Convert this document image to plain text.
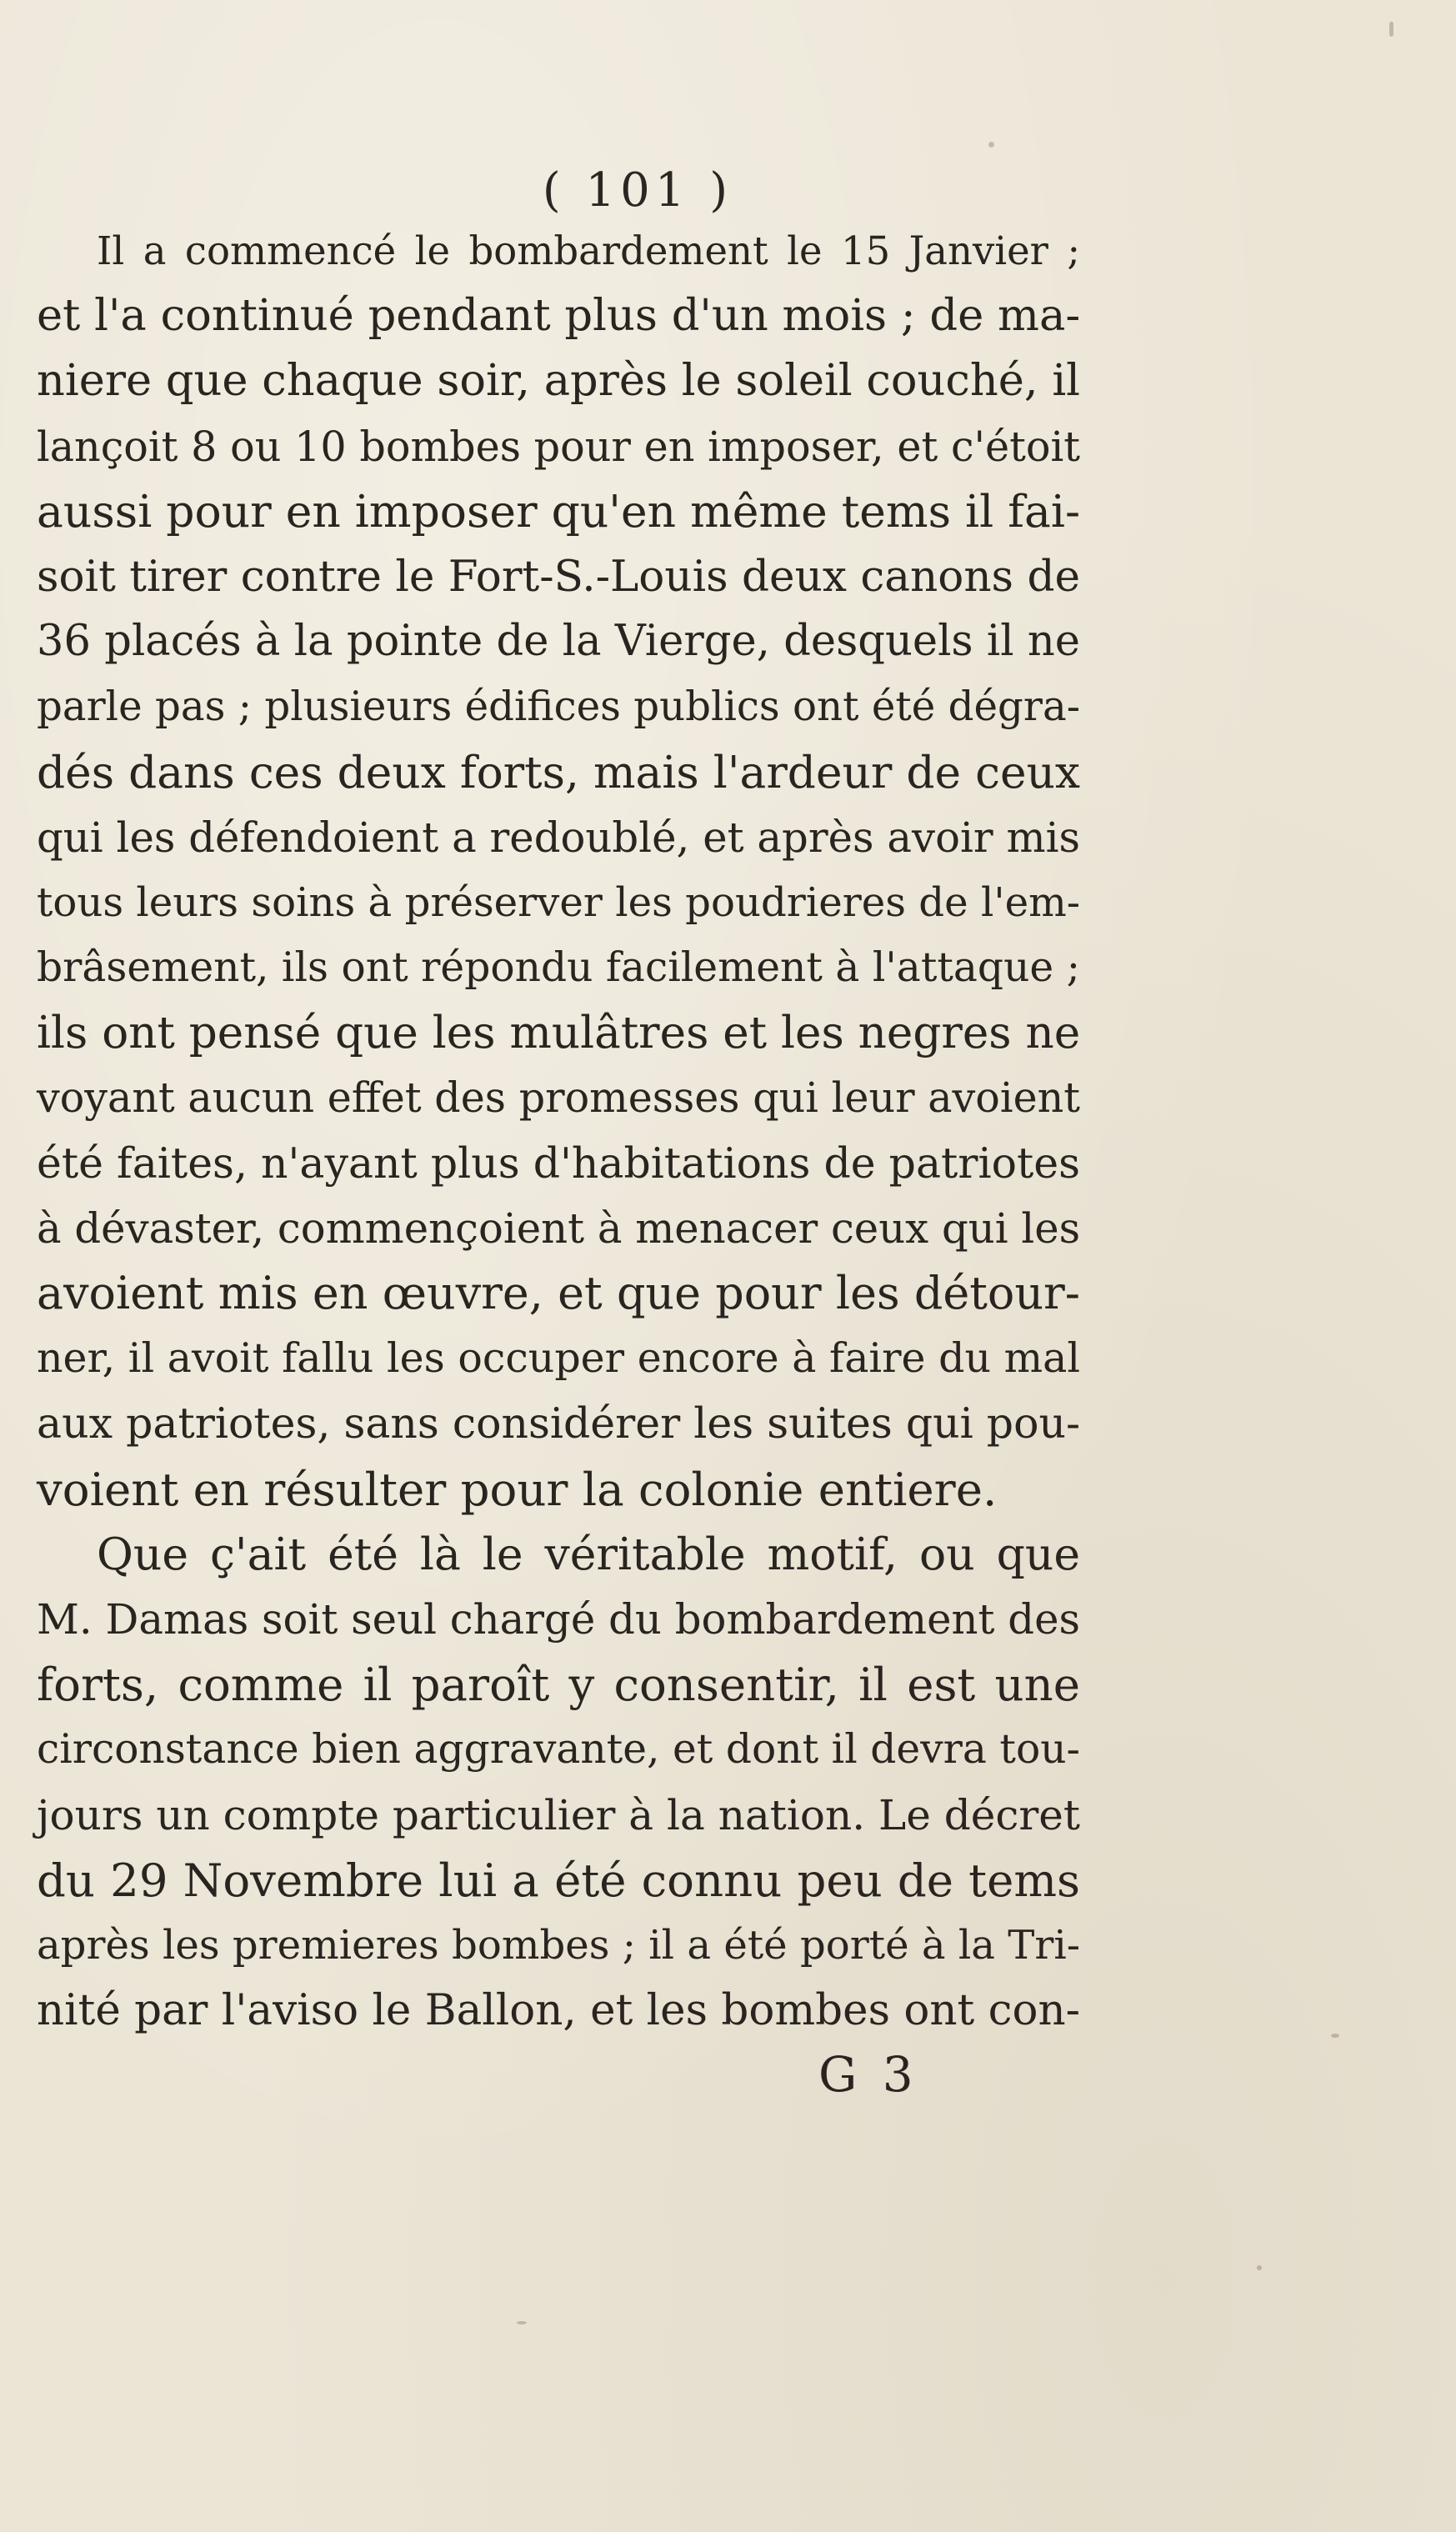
( 101 )
Il a commencé le bombardement le 15 Janvier ;
et l'a continué pendant plus d'un mois ; de ma-
niere que chaque soir, après le soleil couché, il
lançoit 8 ou 10 bombes pour en imposer, et c'étoit
aussi pour en imposer qu'en même tems il fai-
soit tirer contre le Fort-S.-Louis deux canons de
36 placés à la pointe de la Vierge, desquels il ne
parle pas ; plusieurs édifices publics ont été dégra-
dés dans ces deux forts, mais l'ardeur de ceux
qui les défendoient a redoublé, et après avoir mis
tous leurs soins à préserver les poudrieres de l'em-
brâsement, ils ont répondu facilement à l'attaque ;
ils ont pensé que les mulâtres et les negres ne
voyant aucun effet des promesses qui leur avoient
été faites, n'ayant plus d'habitations de patriotes
à dévaster, commençoient à menacer ceux qui les
avoient mis en œuvre, et que pour les détour-
ner, il avoit fallu les occuper encore à faire du mal
aux patriotes, sans considérer les suites qui pou-
voient en résulter pour la colonie entiere.
Que ç'ait été là le véritable motif, ou que
M. Damas soit seul chargé du bombardement des
forts, comme il paroît y consentir, il est une
circonstance bien aggravante, et dont il devra tou-
jours un compte particulier à la nation. Le décret
du 29 Novembre lui a été connu peu de tems
après les premieres bombes ; il a été porté à la Tri-
nité par l'aviso le Ballon, et les bombes ont con-
G 3
